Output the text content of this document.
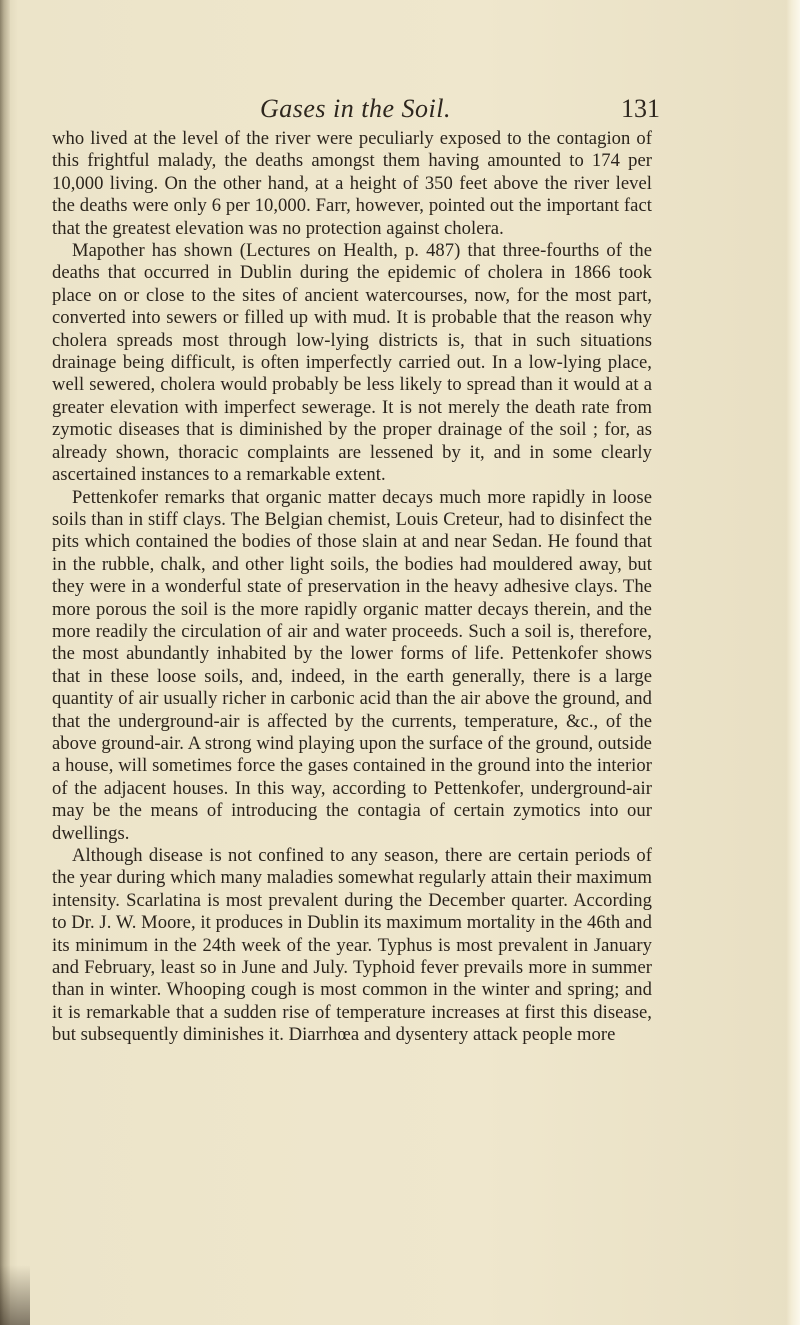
Gases in the Soil.	131

who lived at the level of the river were peculiarly exposed to the contagion of this frightful malady, the deaths amongst them having amounted to 174 per 10,000 living. On the other hand, at a height of 350 feet above the river level the deaths were only 6 per 10,000. Farr, however, pointed out the important fact that the greatest elevation was no protection against cholera.

Mapother has shown (Lectures on Health, p. 487) that three-fourths of the deaths that occurred in Dublin during the epidemic of cholera in 1866 took place on or close to the sites of ancient watercourses, now, for the most part, converted into sewers or filled up with mud. It is probable that the reason why cholera spreads most through low-lying districts is, that in such situations drainage being difficult, is often imperfectly carried out. In a low-lying place, well sewered, cholera would probably be less likely to spread than it would at a greater elevation with imperfect sewerage. It is not merely the death rate from zymotic diseases that is diminished by the proper drainage of the soil ; for, as already shown, thoracic complaints are lessened by it, and in some clearly ascertained instances to a remarkable extent.

Pettenkofer remarks that organic matter decays much more rapidly in loose soils than in stiff clays. The Belgian chemist, Louis Creteur, had to disinfect the pits which contained the bodies of those slain at and near Sedan. He found that in the rubble, chalk, and other light soils, the bodies had mouldered away, but they were in a wonderful state of preservation in the heavy adhesive clays. The more porous the soil is the more rapidly organic matter decays therein, and the more readily the circulation of air and water proceeds. Such a soil is, therefore, the most abundantly inhabited by the lower forms of life. Pettenkofer shows that in these loose soils, and, indeed, in the earth generally, there is a large quantity of air usually richer in carbonic acid than the air above the ground, and that the underground-air is affected by the currents, temperature, &c., of the above ground-air. A strong wind playing upon the surface of the ground, outside a house, will sometimes force the gases contained in the ground into the interior of the adjacent houses. In this way, according to Pettenkofer, underground-air may be the means of introducing the contagia of certain zymotics into our dwellings.

Although disease is not confined to any season, there are certain periods of the year during which many maladies somewhat regularly attain their maximum intensity. Scarlatina is most prevalent during the December quarter. According to Dr. J. W. Moore, it produces in Dublin its maximum mortality in the 46th and its minimum in the 24th week of the year. Typhus is most prevalent in January and February, least so in June and July. Typhoid fever prevails more in summer than in winter. Whooping cough is most common in the winter and spring; and it is remarkable that a sudden rise of temperature increases at first this disease, but subsequently diminishes it. Diarrhœa and dysentery attack people more
